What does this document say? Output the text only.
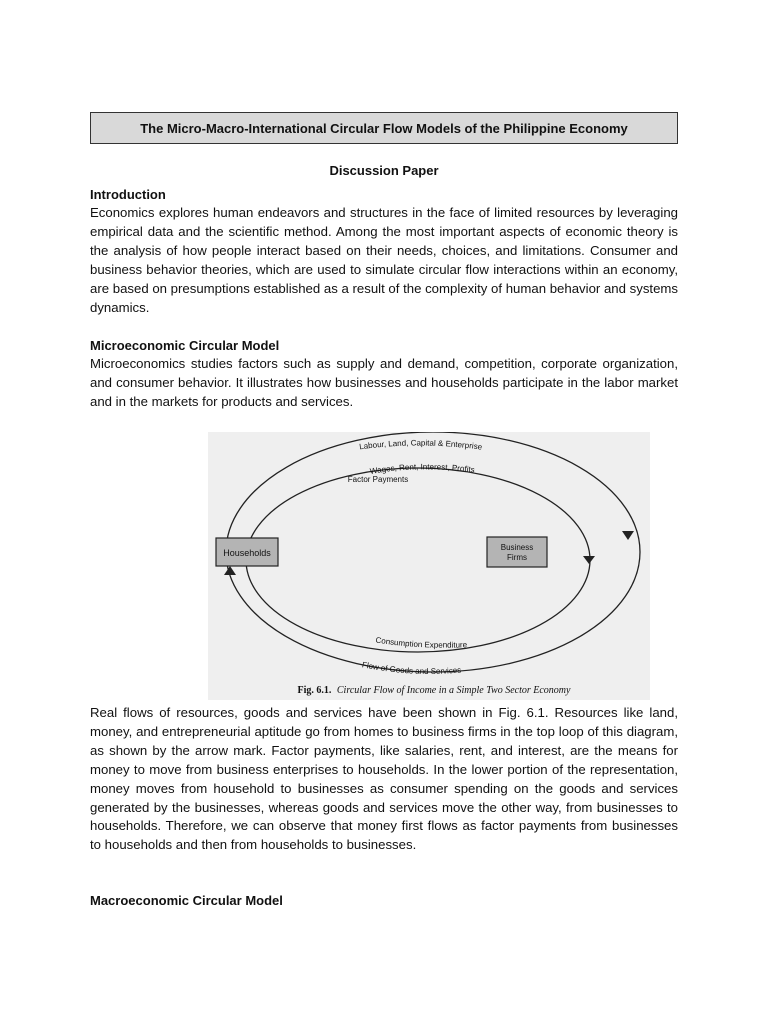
The Micro-Macro-International Circular Flow Models of the Philippine Economy
Discussion Paper
Introduction

Economics explores human endeavors and structures in the face of limited resources by leveraging empirical data and the scientific method. Among the most important aspects of economic theory is the analysis of how people interact based on their needs, choices, and limitations. Consumer and business behavior theories, which are used to simulate circular flow interactions within an economy, are based on presumptions established as a result of the complexity of human behavior and systems dynamics.

Microeconomic Circular Model

Microeconomics studies factors such as supply and demand, competition, corporate organization, and consumer behavior. It illustrates how businesses and households participate in the labor market and in the markets for products and services.

Households
Business
Firms
Labour, Land, Capital & Enterprise
Wages, Rent, Interest, Profits
Factor Payments
Consumption Expenditure
Flow of Goods and Services
Fig. 6.1. Circular Flow of Income in a Simple Two Sector Economy

Real flows of resources, goods and services have been shown in Fig. 6.1. Resources like land, money, and entrepreneurial aptitude go from homes to business firms in the top loop of this diagram, as shown by the arrow mark. Factor payments, like salaries, rent, and interest, are the means for money to move from business enterprises to households. In the lower portion of the representation, money moves from household to businesses as consumer spending on the goods and services generated by the businesses, whereas goods and services move the other way, from businesses to households. Therefore, we can observe that money first flows as factor payments from businesses to households and then from households to businesses.

Macroeconomic Circular Model
